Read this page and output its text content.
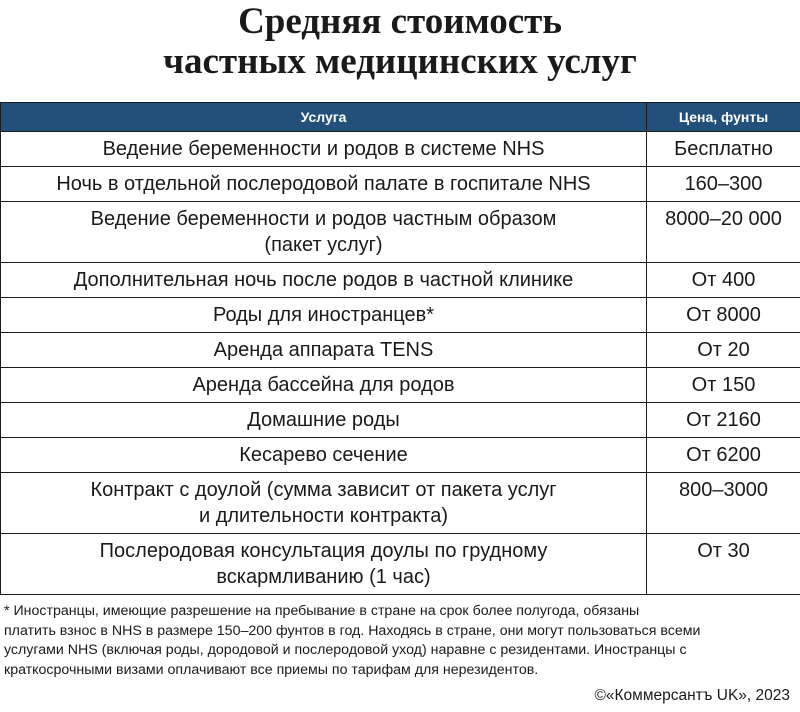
Средняя стоимость
частных медицинских услуг
Услуга	Цена, фунты
Ведение беременности и родов в системе NHS	Бесплатно
Ночь в отдельной послеродовой палате в госпитале NHS	160–300
Ведение беременности и родов частным образом
(пакет услуг)	8000–20 000
Дополнительная ночь после родов в частной клинике	От 400
Роды для иностранцев*	От 8000
Аренда аппарата TENS	От 20
Аренда бассейна для родов	От 150
Домашние роды	От 2160
Кесарево сечение	От 6200
Контракт с доулой (сумма зависит от пакета услуг
и длительности контракта)	800–3000
Послеродовая консультация доулы по грудному
вскармливанию (1 час)	От 30
* Иностранцы, имеющие разрешение на пребывание в стране на срок более полугода, обязаны
платить взнос в NHS в размере 150–200 фунтов в год. Находясь в стране, они могут пользоваться всеми
услугами NHS (включая роды, дородовой и послеродовой уход) наравне с резидентами. Иностранцы с
краткосрочными визами оплачивают все приемы по тарифам для нерезидентов.
©«Коммерсантъ UK», 2023
